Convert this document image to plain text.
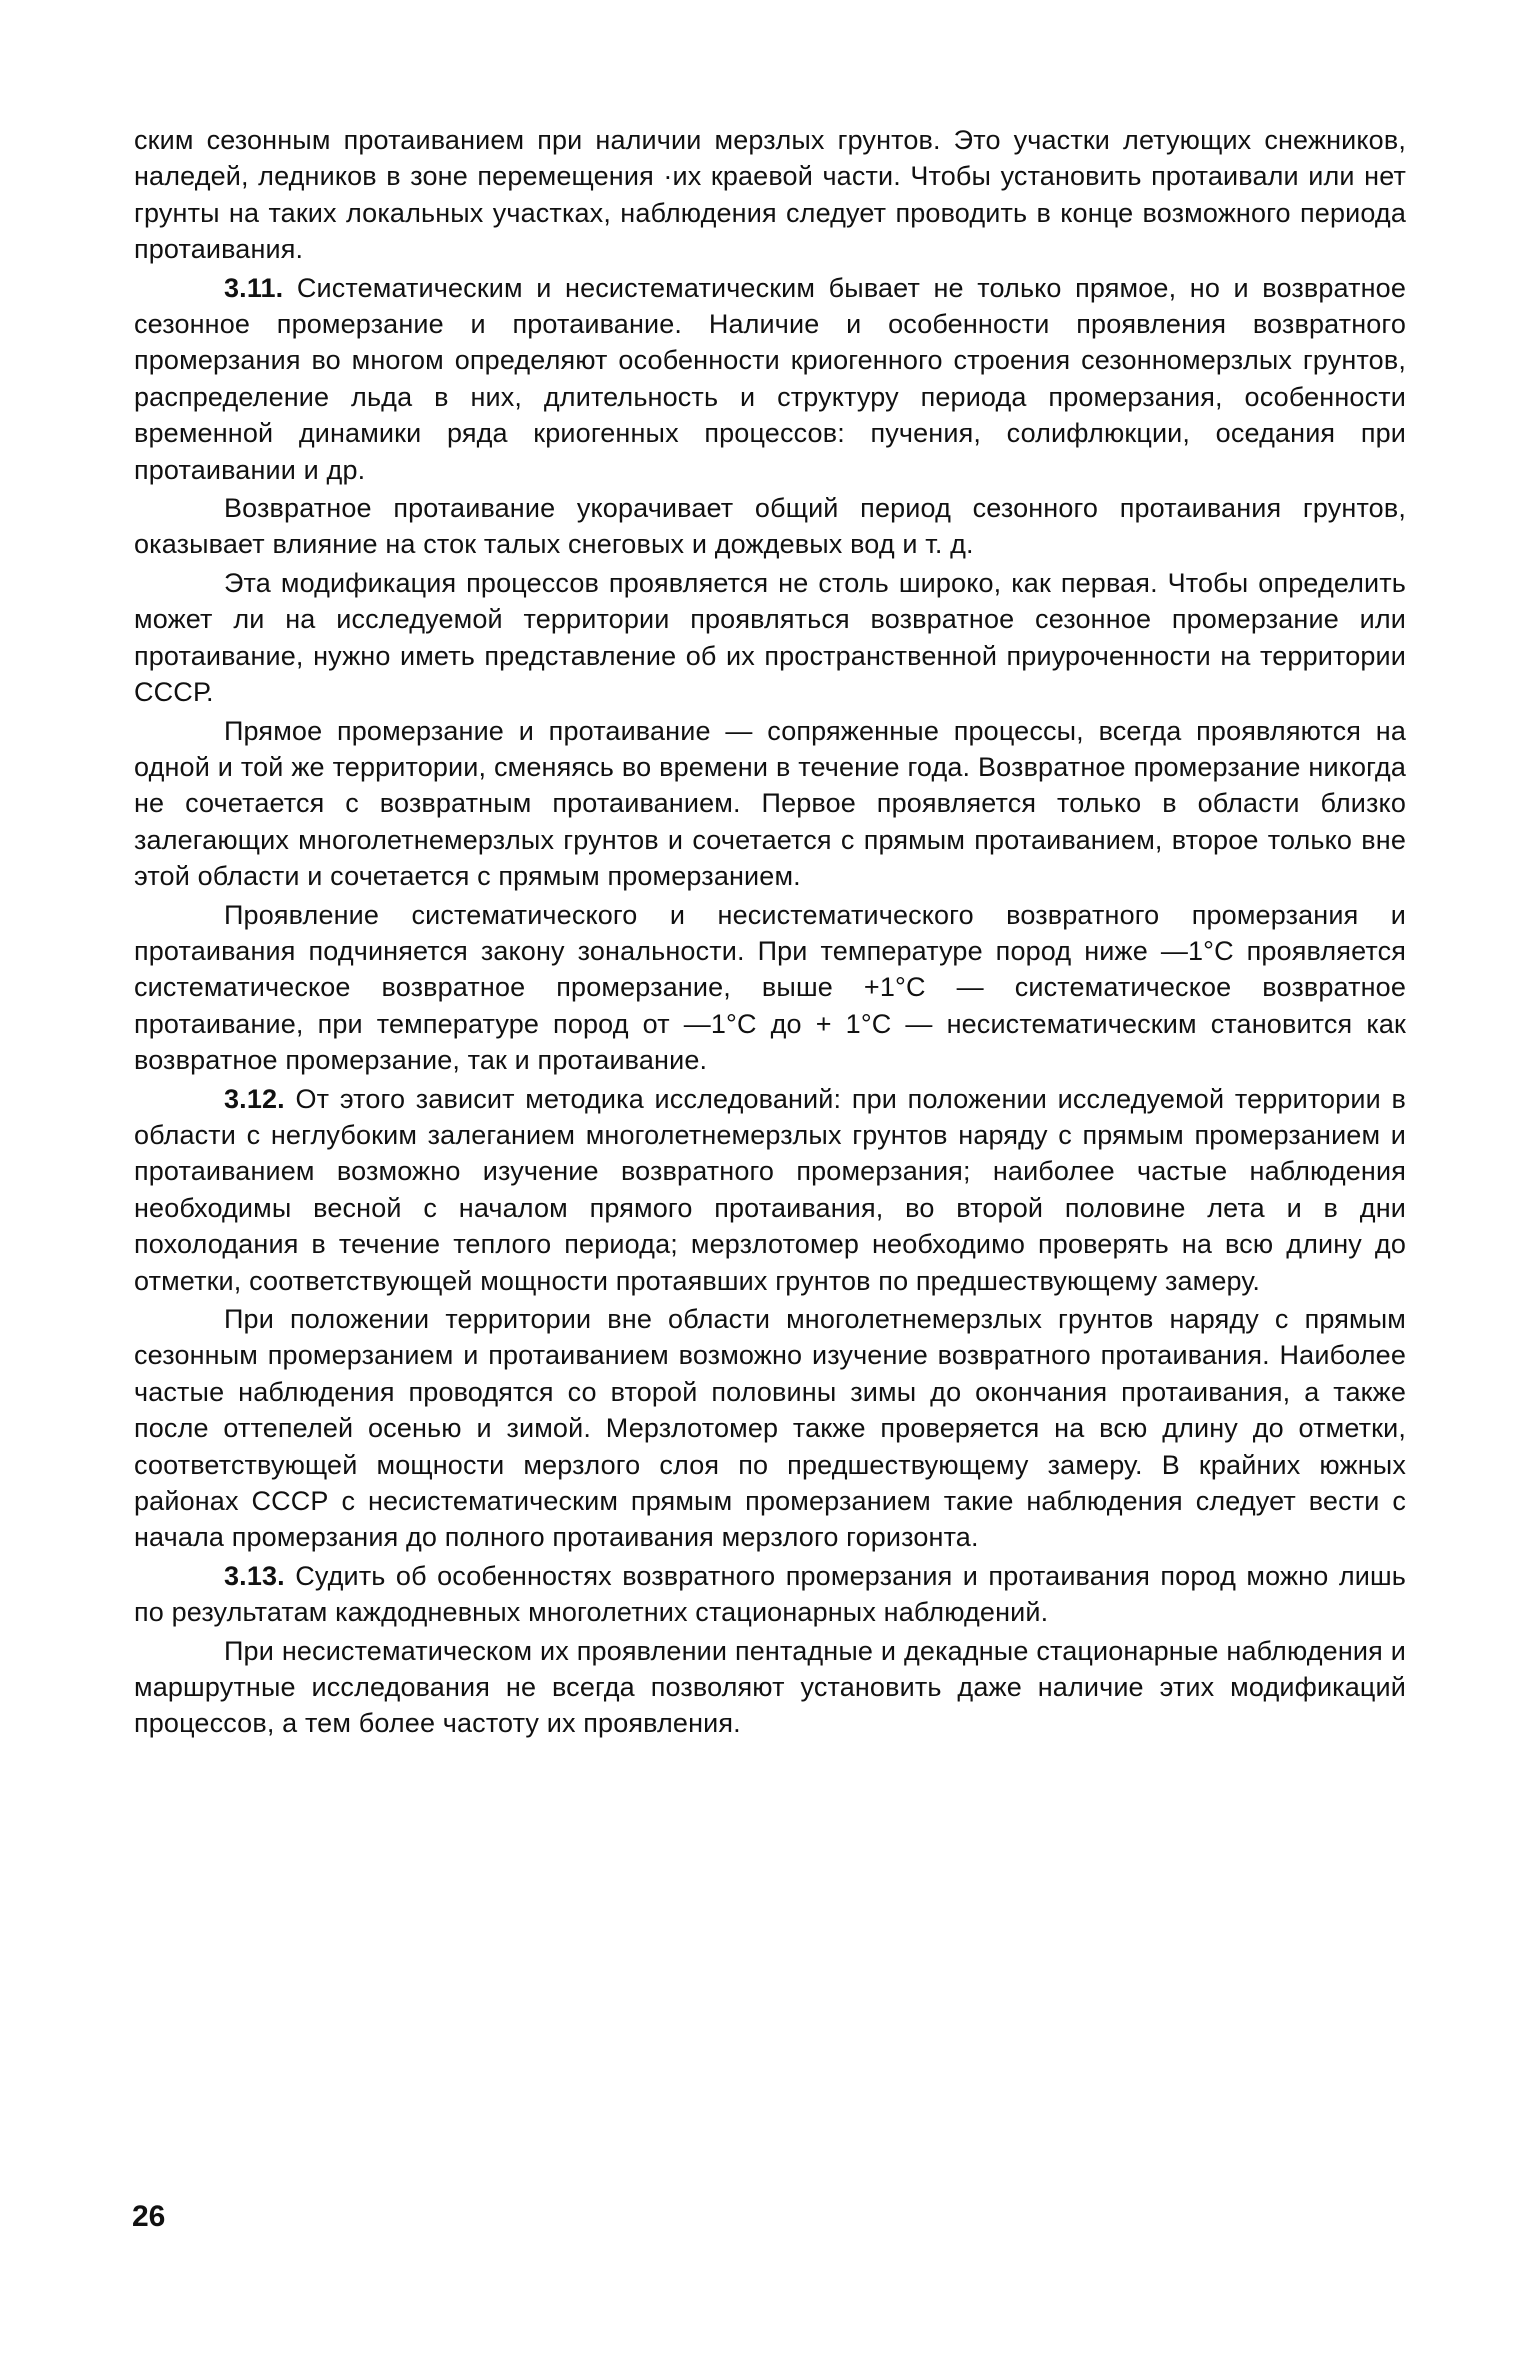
ским сезонным протаиванием при наличии мерзлых грунтов. Это участки летующих снежников, наледей, ледников в зоне перемещения ·их краевой части. Чтобы установить протаивали или нет грунты на таких локальных участках, наблюдения следует проводить в конце возможного периода протаивания.

3.11. Систематическим и несистематическим бывает не только прямое, но и возвратное сезонное промерзание и протаивание. Наличие и особенности проявления возвратного промерзания во многом определяют особенности криогенного строения сезонномерзлых грунтов, распределение льда в них, длительность и структуру периода промерзания, особенности временной динамики ряда криогенных процессов: пучения, солифлюкции, оседания при протаивании и др.

Возвратное протаивание укорачивает общий период сезонного протаивания грунтов, оказывает влияние на сток талых снеговых и дождевых вод и т. д.

Эта модификация процессов проявляется не столь широко, как первая. Чтобы определить может ли на исследуемой территории проявляться возвратное сезонное промерзание или протаивание, нужно иметь представление об их пространственной приуроченности на территории СССР.

Прямое промерзание и протаивание — сопряженные процессы, всегда проявляются на одной и той же территории, сменяясь во времени в течение года. Возвратное промерзание никогда не сочетается с возвратным протаиванием. Первое проявляется только в области близко залегающих многолетнемерзлых грунтов и сочетается с прямым протаиванием, второе только вне этой области и сочетается с прямым промерзанием.

Проявление систематического и несистематического возвратного промерзания и протаивания подчиняется закону зональности. При температуре пород ниже —1°С проявляется систематическое возвратное промерзание, выше +1°С — систематическое возвратное протаивание, при температуре пород от —1°С до + 1°С — несистематическим становится как возвратное промерзание, так и протаивание.

3.12. От этого зависит методика исследований: при положении исследуемой территории в области с неглубоким залеганием многолетнемерзлых грунтов наряду с прямым промерзанием и протаиванием возможно изучение возвратного промерзания; наиболее частые наблюдения необходимы весной с началом прямого протаивания, во второй половине лета и в дни похолодания в течение теплого периода; мерзлотомер необходимо проверять на всю длину до отметки, соответствующей мощности протаявших грунтов по предшествующему замеру.

При положении территории вне области многолетнемерзлых грунтов наряду с прямым сезонным промерзанием и протаиванием возможно изучение возвратного протаивания. Наиболее частые наблюдения проводятся со второй половины зимы до окончания протаивания, а также после оттепелей осенью и зимой. Мерзлотомер также проверяется на всю длину до отметки, соответствующей мощности мерзлого слоя по предшествующему замеру. В крайних южных районах СССР с несистематическим прямым промерзанием такие наблюдения следует вести с начала промерзания до полного протаивания мерзлого горизонта.

3.13. Судить об особенностях возвратного промерзания и протаивания пород можно лишь по результатам каждодневных многолетних стационарных наблюдений.

При несистематическом их проявлении пентадные и декадные стационарные наблюдения и маршрутные исследования не всегда позволяют установить даже наличие этих модификаций процессов, а тем более частоту их проявления.

26
